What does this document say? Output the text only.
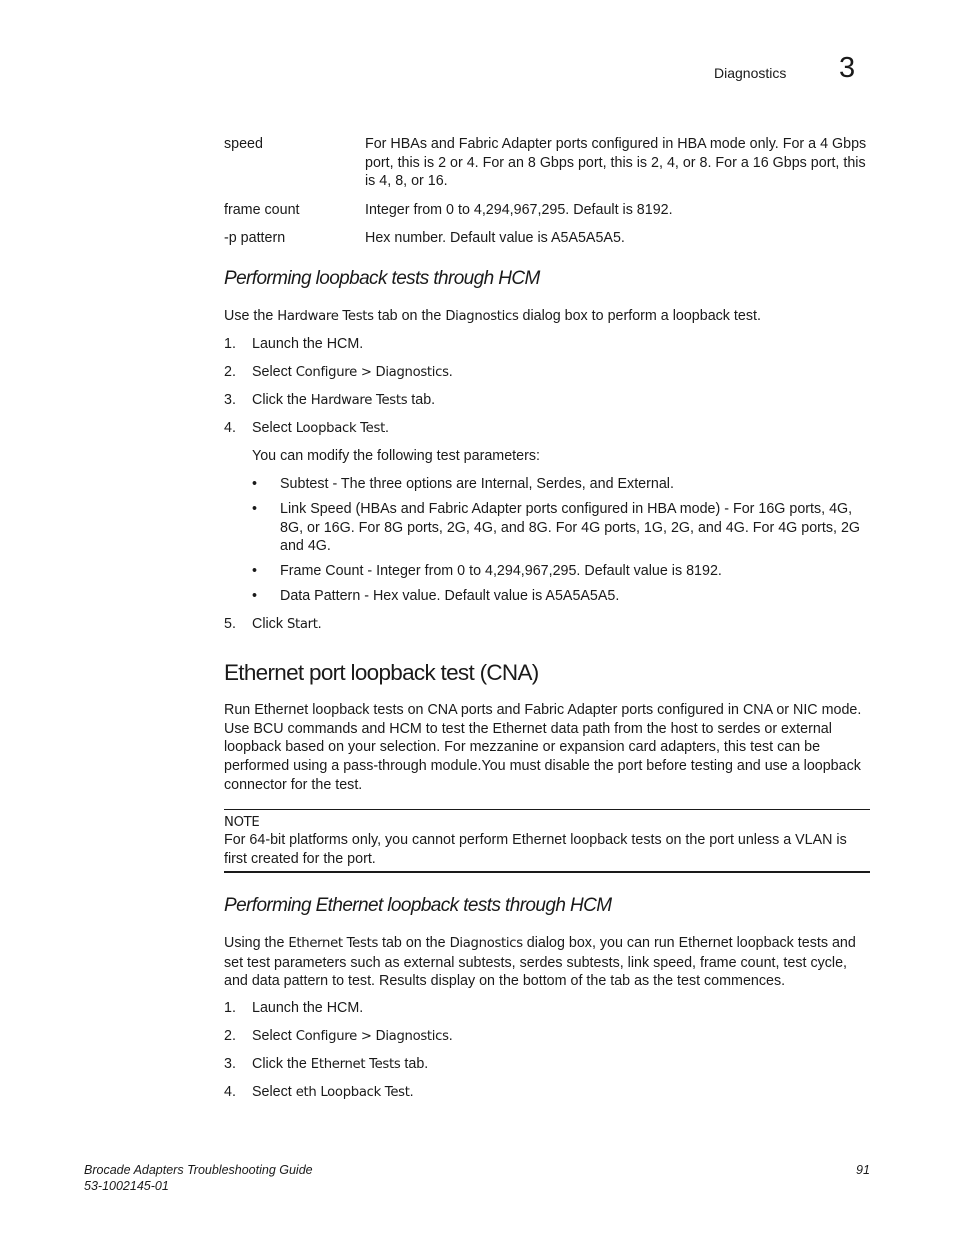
Diagnostics 3
speed	For HBAs and Fabric Adapter ports configured in HBA mode only. For a 4 Gbps port, this is 2 or 4. For an 8 Gbps port, this is 2, 4, or 8. For a 16 Gbps port, this is 4, 8, or 16.
frame count	Integer from 0 to 4,294,967,295. Default is 8192.
-p pattern	Hex number. Default value is A5A5A5A5.
Performing loopback tests through HCM
Use the Hardware Tests tab on the Diagnostics dialog box to perform a loopback test.
1. Launch the HCM.
2. Select Configure > Diagnostics.
3. Click the Hardware Tests tab.
4. Select Loopback Test.
You can modify the following test parameters:
• Subtest - The three options are Internal, Serdes, and External.
• Link Speed (HBAs and Fabric Adapter ports configured in HBA mode) - For 16G ports, 4G, 8G, or 16G. For 8G ports, 2G, 4G, and 8G. For 4G ports, 1G, 2G, and 4G. For 4G ports, 2G and 4G.
• Frame Count - Integer from 0 to 4,294,967,295. Default value is 8192.
• Data Pattern - Hex value. Default value is A5A5A5A5.
5. Click Start.
Ethernet port loopback test (CNA)
Run Ethernet loopback tests on CNA ports and Fabric Adapter ports configured in CNA or NIC mode. Use BCU commands and HCM to test the Ethernet data path from the host to serdes or external loopback based on your selection. For mezzanine or expansion card adapters, this test can be performed using a pass-through module.You must disable the port before testing and use a loopback connector for the test.
NOTE
For 64-bit platforms only, you cannot perform Ethernet loopback tests on the port unless a VLAN is first created for the port.
Performing Ethernet loopback tests through HCM
Using the Ethernet Tests tab on the Diagnostics dialog box, you can run Ethernet loopback tests and set test parameters such as external subtests, serdes subtests, link speed, frame count, test cycle, and data pattern to test. Results display on the bottom of the tab as the test commences.
1. Launch the HCM.
2. Select Configure > Diagnostics.
3. Click the Ethernet Tests tab.
4. Select eth Loopback Test.
Brocade Adapters Troubleshooting Guide
53-1002145-01
91
